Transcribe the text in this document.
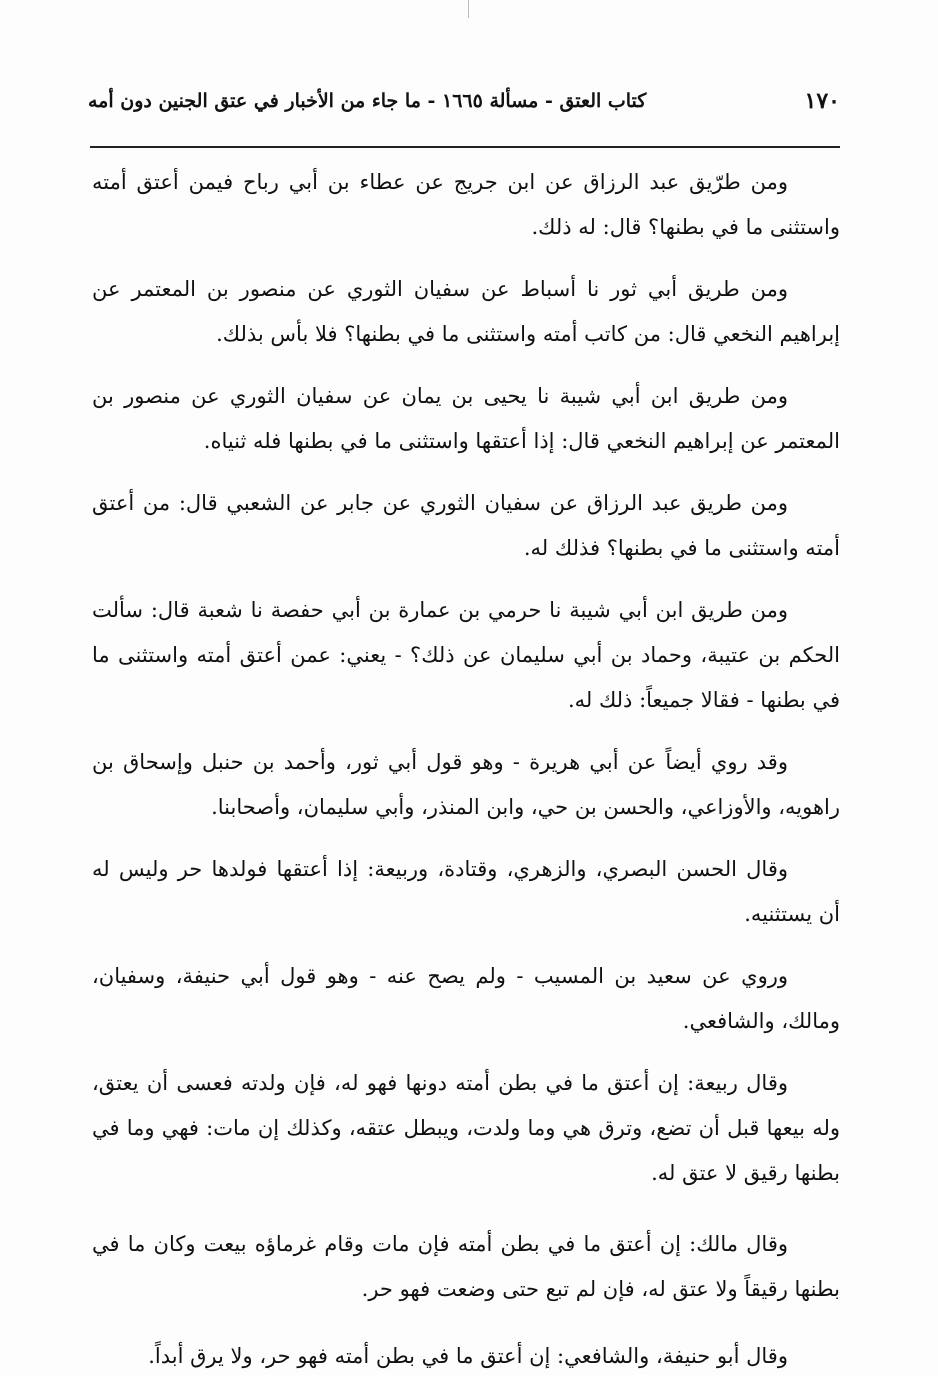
١٧٠
كتاب العتق - مسألة ١٦٦٥ - ما جاء من الأخبار في عتق الجنين دون أمه

ومن طرّيق عبد الرزاق عن ابن جريج عن عطاء بن أبي رباح فيمن أعتق أمته واستثنى ما في بطنها؟ قال: له ذلك.

ومن طريق أبي ثور نا أسباط عن سفيان الثوري عن منصور بن المعتمر عن إبراهيم النخعي قال: من كاتب أمته واستثنى ما في بطنها؟ فلا بأس بذلك.

ومن طريق ابن أبي شيبة نا يحيى بن يمان عن سفيان الثوري عن منصور بن المعتمر عن إبراهيم النخعي قال: إذا أعتقها واستثنى ما في بطنها فله ثنياه.

ومن طريق عبد الرزاق عن سفيان الثوري عن جابر عن الشعبي قال: من أعتق أمته واستثنى ما في بطنها؟ فذلك له.

ومن طريق ابن أبي شيبة نا حرمي بن عمارة بن أبي حفصة نا شعبة قال: سألت الحكم بن عتيبة، وحماد بن أبي سليمان عن ذلك؟ - يعني: عمن أعتق أمته واستثنى ما في بطنها - فقالا جميعاً: ذلك له.

وقد روي أيضاً عن أبي هريرة - وهو قول أبي ثور، وأحمد بن حنبل وإسحاق بن راهويه، والأوزاعي، والحسن بن حي، وابن المنذر، وأبي سليمان، وأصحابنا.

وقال الحسن البصري، والزهري، وقتادة، وربيعة: إذا أعتقها فولدها حر وليس له أن يستثنيه.

وروي عن سعيد بن المسيب - ولم يصح عنه - وهو قول أبي حنيفة، وسفيان، ومالك، والشافعي.

وقال ربيعة: إن أعتق ما في بطن أمته دونها فهو له، فإن ولدته فعسى أن يعتق، وله بيعها قبل أن تضع، وترق هي وما ولدت، ويبطل عتقه، وكذلك إن مات: فهي وما في بطنها رقيق لا عتق له.

وقال مالك: إن أعتق ما في بطن أمته فإن مات وقام غرماؤه بيعت وكان ما في بطنها رقيقاً ولا عتق له، فإن لم تبع حتى وضعت فهو حر.

وقال أبو حنيفة، والشافعي: إن أعتق ما في بطن أمته فهو حر، ولا يرق أبداً.
